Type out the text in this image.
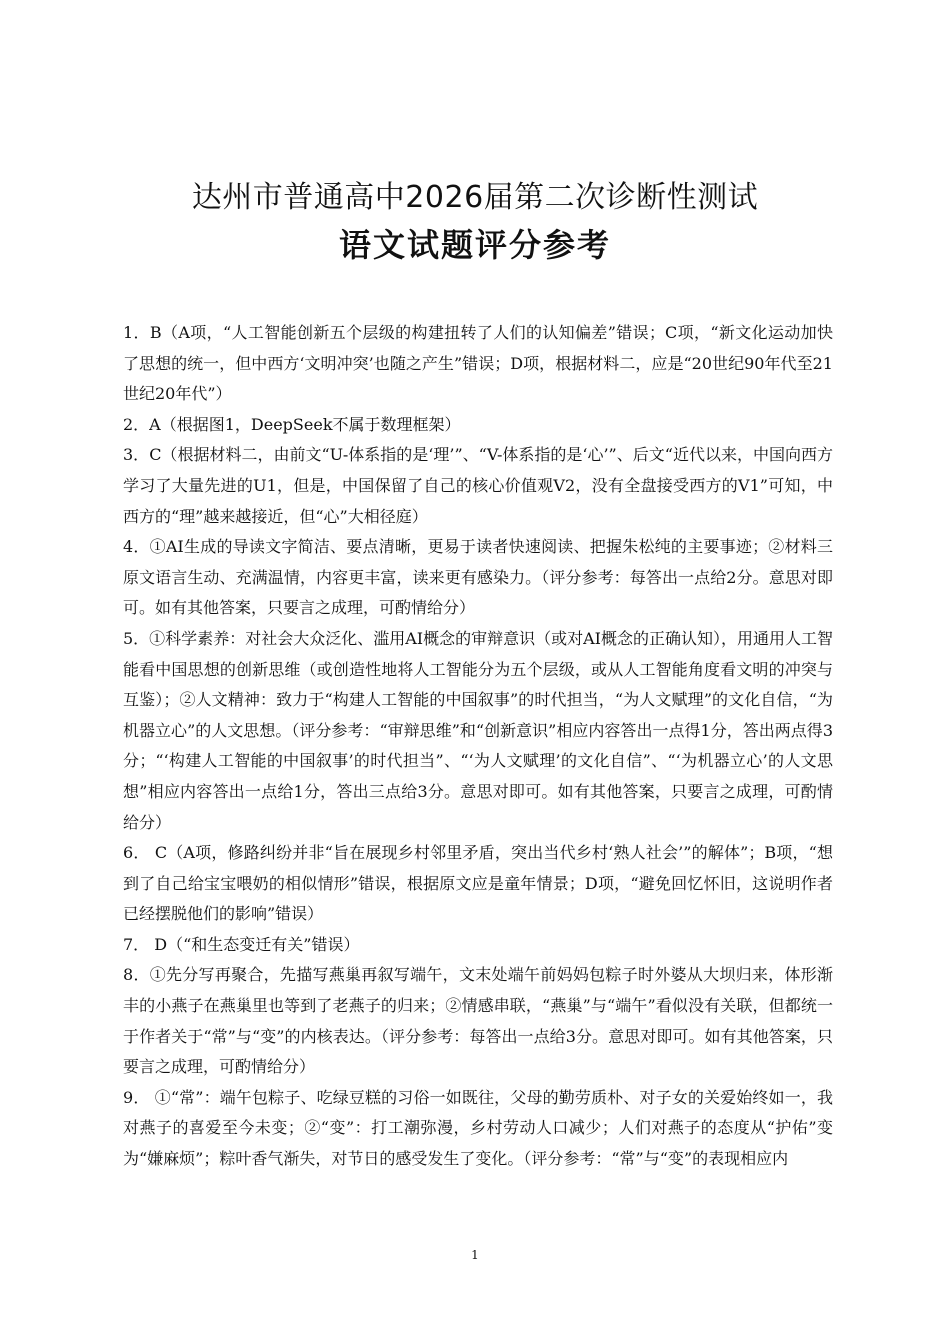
达州市普通高中2026届第二次诊断性测试
语文试题评分参考

1．B（A项，“人工智能创新五个层级的构建扭转了人们的认知偏差”错误；C项，“新文化运动加快了思想的统一，但中西方‘文明冲突’也随之产生”错误；D项，根据材料二，应是“20世纪90年代至21世纪20年代”）

2．A（根据图1，DeepSeek不属于数理框架）

3．C（根据材料二，由前文“U-体系指的是‘理’”、“V-体系指的是‘心’”、后文“近代以来，中国向西方学习了大量先进的U1，但是，中国保留了自己的核心价值观V2，没有全盘接受西方的V1”可知，中西方的“理”越来越接近，但“心”大相径庭）

4．①AI生成的导读文字简洁、要点清晰，更易于读者快速阅读、把握朱松纯的主要事迹；②材料三原文语言生动、充满温情，内容更丰富，读来更有感染力。（评分参考：每答出一点给2分。意思对即可。如有其他答案，只要言之成理，可酌情给分）

5．①科学素养：对社会大众泛化、滥用AI概念的审辩意识（或对AI概念的正确认知），用通用人工智能看中国思想的创新思维（或创造性地将人工智能分为五个层级，或从人工智能角度看文明的冲突与互鉴）；②人文精神：致力于“构建人工智能的中国叙事”的时代担当，“为人文赋理”的文化自信，“为机器立心”的人文思想。（评分参考：“审辩思维”和“创新意识”相应内容答出一点得1分，答出两点得3分；“‘构建人工智能的中国叙事’的时代担当”、“‘为人文赋理’的文化自信”、“‘为机器立心’的人文思想”相应内容答出一点给1分，答出三点给3分。意思对即可。如有其他答案，只要言之成理，可酌情给分）

6． C（A项，修路纠纷并非“旨在展现乡村邻里矛盾，突出当代乡村‘熟人社会’”的解体”；B项，“想到了自己给宝宝喂奶的相似情形”错误，根据原文应是童年情景；D项，“避免回忆怀旧，这说明作者已经摆脱他们的影响”错误）

7． D（“和生态变迁有关”错误）

8．①先分写再聚合，先描写燕巢再叙写端午，文末处端午前妈妈包粽子时外婆从大坝归来，体形渐丰的小燕子在燕巢里也等到了老燕子的归来；②情感串联，“燕巢”与“端午”看似没有关联，但都统一于作者关于“常”与“变”的内核表达。（评分参考：每答出一点给3分。意思对即可。如有其他答案，只要言之成理，可酌情给分）

9． ①“常”：端午包粽子、吃绿豆糕的习俗一如既往，父母的勤劳质朴、对子女的关爱始终如一，我对燕子的喜爱至今未变；②“变”：打工潮弥漫，乡村劳动人口减少；人们对燕子的态度从“护佑”变为“嫌麻烦”；粽叶香气渐失，对节日的感受发生了变化。（评分参考：“常”与“变”的表现相应内

1
